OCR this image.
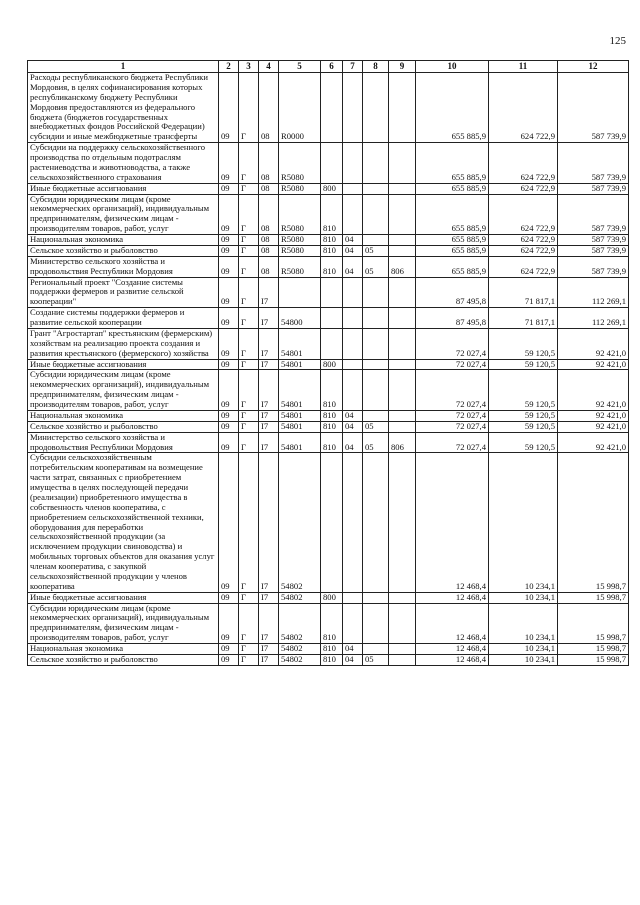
125
1	2	3	4	5	6	7	8	9	10	11	12
Расходы республиканского бюджета Республики Мордовия, в целях софинансирования которых республиканскому бюджету Республики Мордовия предоставляются из федерального бюджета (бюджетов государственных внебюджетных фондов Российской Федерации) субсидии и иные межбюджетные трансферты	09	Г	08	R0000					655 885,9	624 722,9	587 739,9
Субсидии на поддержку сельскохозяйственного производства по отдельным подотраслям растениеводства и животноводства, а также сельскохозяйственного страхования	09	Г	08	R5080					655 885,9	624 722,9	587 739,9
Иные бюджетные ассигнования	09	Г	08	R5080	800				655 885,9	624 722,9	587 739,9
Субсидии юридическим лицам (кроме некоммерческих организаций), индивидуальным предпринимателям, физическим лицам - производителям товаров, работ, услуг	09	Г	08	R5080	810				655 885,9	624 722,9	587 739,9
Национальная экономика	09	Г	08	R5080	810	04			655 885,9	624 722,9	587 739,9
Сельское хозяйство и рыболовство	09	Г	08	R5080	810	04	05		655 885,9	624 722,9	587 739,9
Министерство сельского хозяйства и продовольствия Республики Мордовия	09	Г	08	R5080	810	04	05	806	655 885,9	624 722,9	587 739,9
Региональный проект "Создание системы поддержки фермеров и развитие сельской кооперации"	09	Г	I7						87 495,8	71 817,1	112 269,1
Создание системы поддержки фермеров и развитие сельской кооперации	09	Г	I7	54800					87 495,8	71 817,1	112 269,1
Грант "Агростартап" крестьянским (фермерским) хозяйствам на реализацию проекта создания и развития крестьянского (фермерского) хозяйства	09	Г	I7	54801					72 027,4	59 120,5	92 421,0
Иные бюджетные ассигнования	09	Г	I7	54801	800				72 027,4	59 120,5	92 421,0
Субсидии юридическим лицам (кроме некоммерческих организаций), индивидуальным предпринимателям, физическим лицам - производителям товаров, работ, услуг	09	Г	I7	54801	810				72 027,4	59 120,5	92 421,0
Национальная экономика	09	Г	I7	54801	810	04			72 027,4	59 120,5	92 421,0
Сельское хозяйство и рыболовство	09	Г	I7	54801	810	04	05		72 027,4	59 120,5	92 421,0
Министерство сельского хозяйства и продовольствия Республики Мордовия	09	Г	I7	54801	810	04	05	806	72 027,4	59 120,5	92 421,0
Субсидии сельскохозяйственным потребительским кооперативам на возмещение части затрат, связанных с приобретением имущества в целях последующей передачи (реализации) приобретенного имущества в собственность членов кооператива, с приобретением сельскохозяйственной техники, оборудования для переработки сельскохозяйственной продукции (за исключением продукции свиноводства) и мобильных торговых объектов для оказания услуг членам кооператива, с закупкой сельскохозяйственной продукции у членов кооператива	09	Г	I7	54802					12 468,4	10 234,1	15 998,7
Иные бюджетные ассигнования	09	Г	I7	54802	800				12 468,4	10 234,1	15 998,7
Субсидии юридическим лицам (кроме некоммерческих организаций), индивидуальным предпринимателям, физическим лицам - производителям товаров, работ, услуг	09	Г	I7	54802	810				12 468,4	10 234,1	15 998,7
Национальная экономика	09	Г	I7	54802	810	04			12 468,4	10 234,1	15 998,7
Сельское хозяйство и рыболовство	09	Г	I7	54802	810	04	05		12 468,4	10 234,1	15 998,7
